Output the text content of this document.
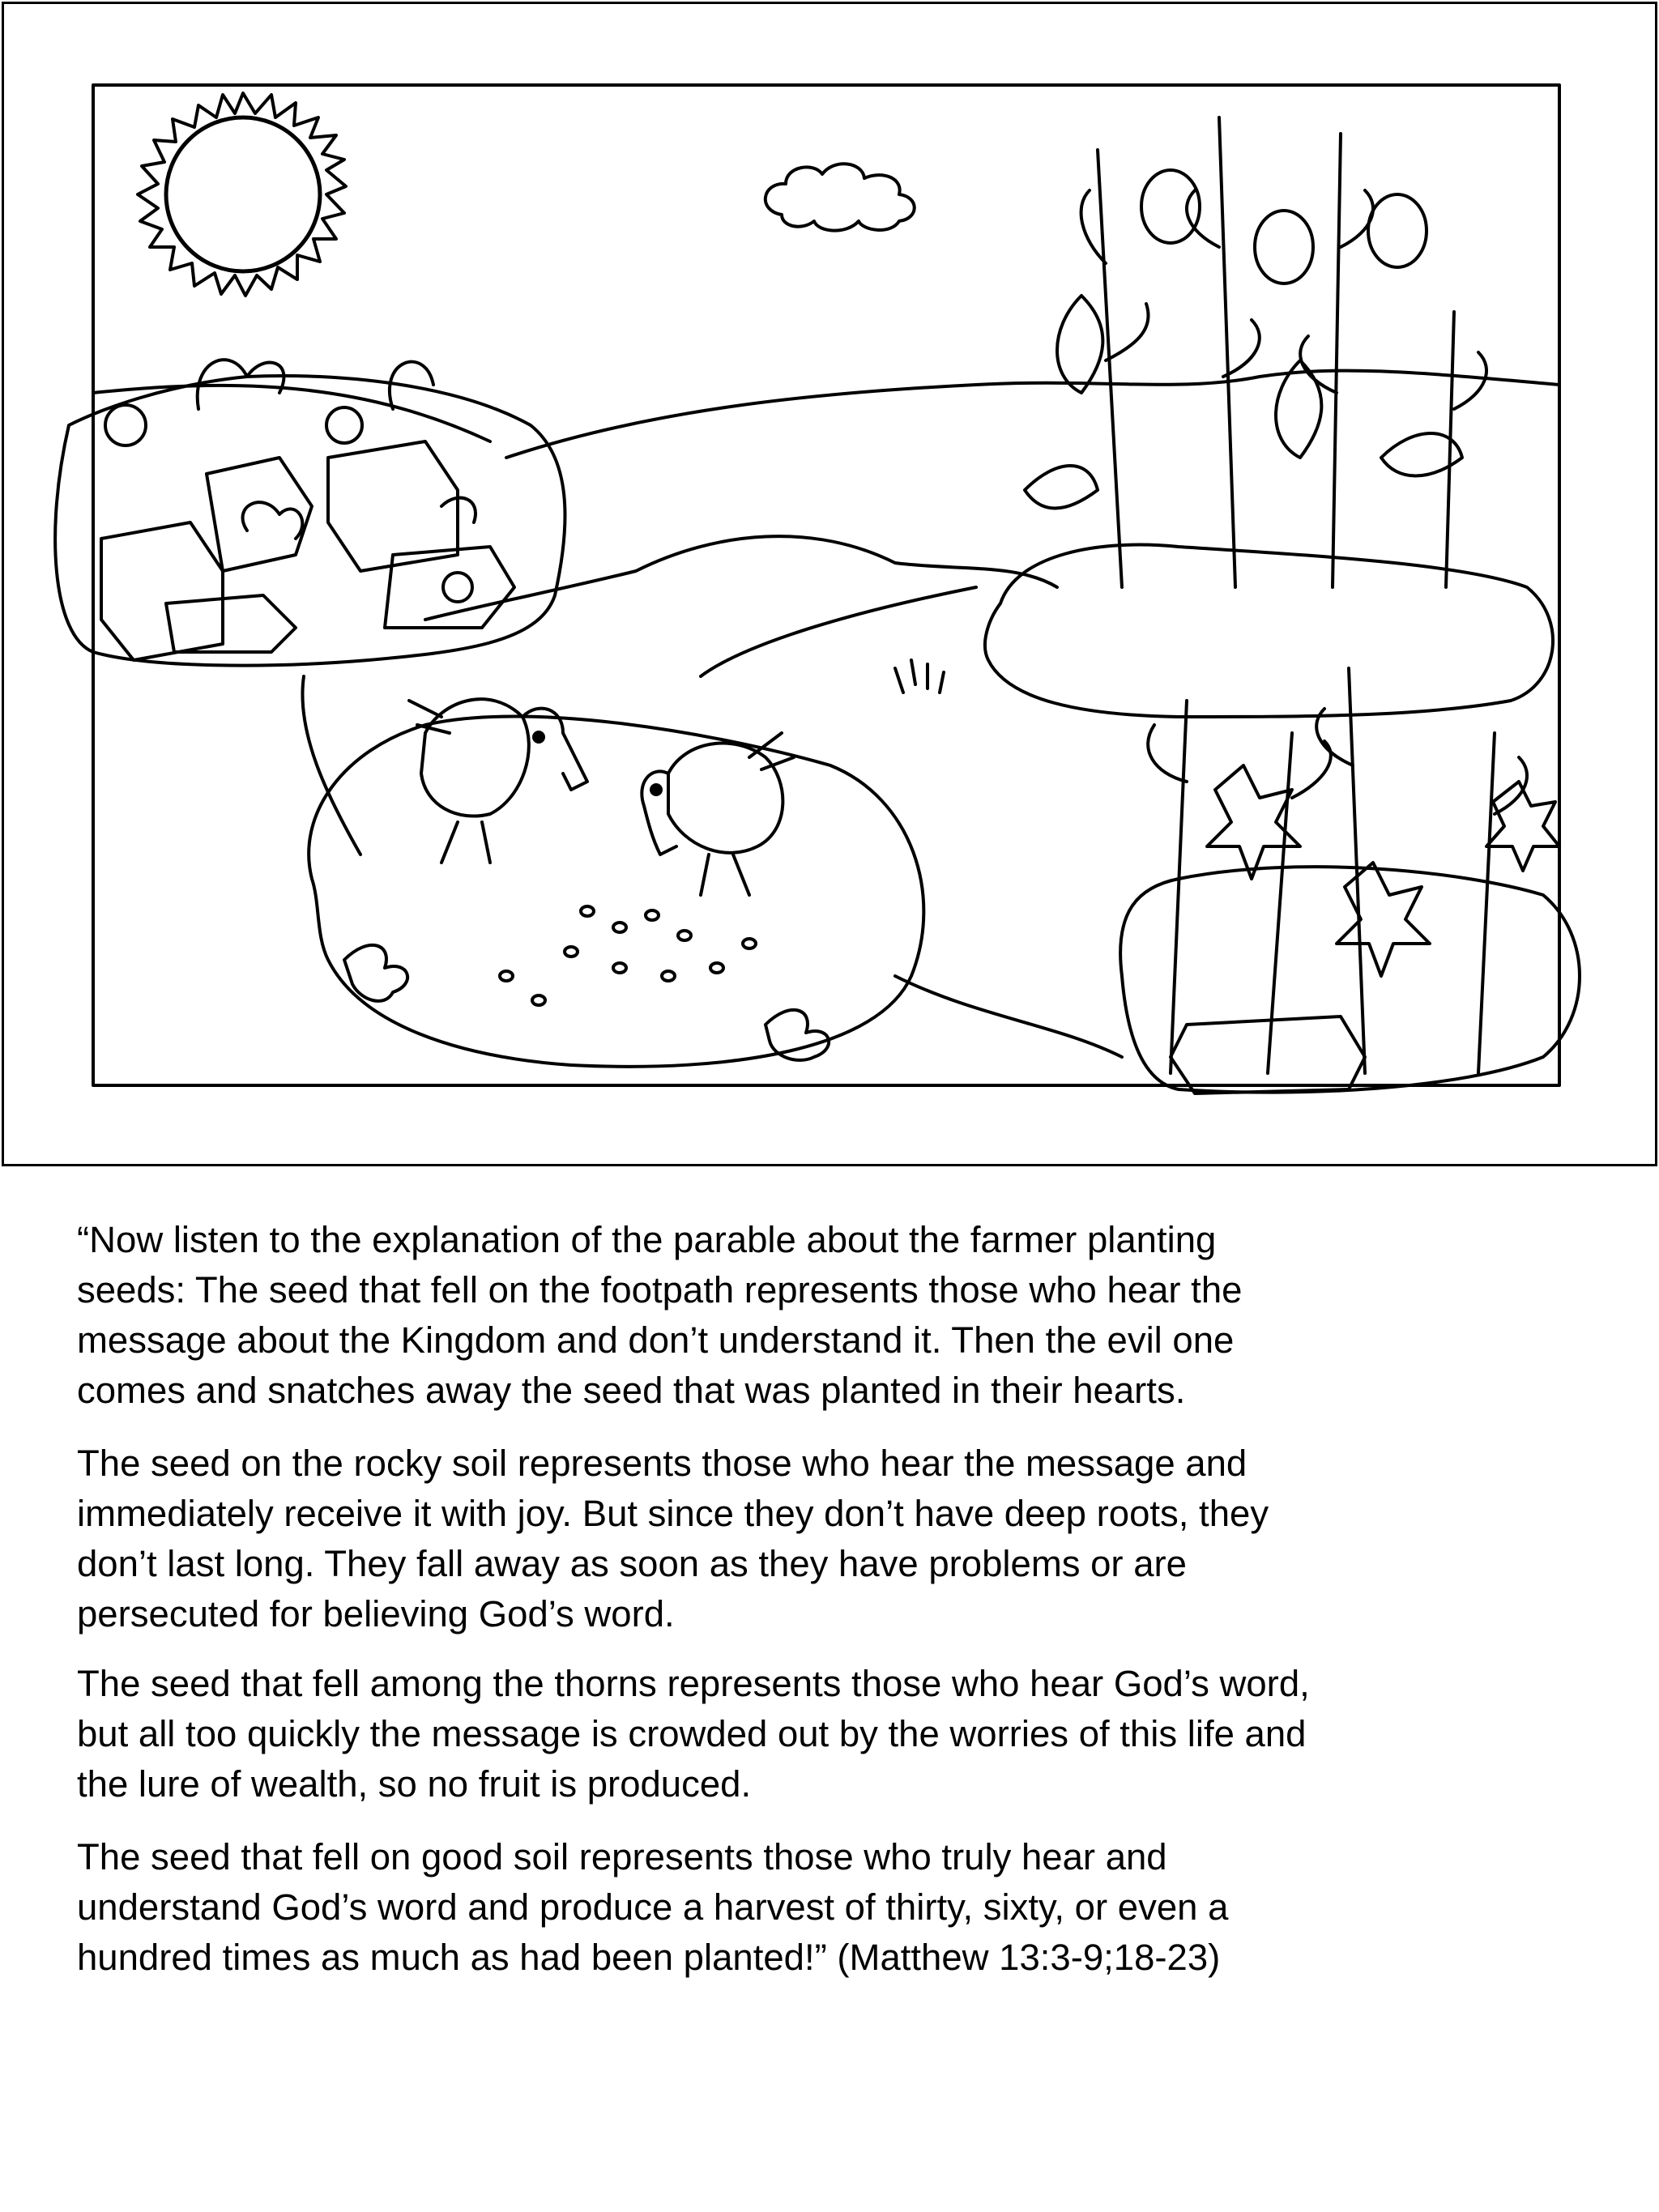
“Now listen to the explanation of the parable about the farmer planting
seeds: The seed that fell on the footpath represents those who hear the
message about the Kingdom and don’t understand it. Then the evil one
comes and snatches away the seed that was planted in their hearts.

The seed on the rocky soil represents those who hear the message and
immediately receive it with joy. But since they don’t have deep roots, they
don’t last long. They fall away as soon as they have problems or are
persecuted for believing God’s word.

The seed that fell among the thorns represents those who hear God’s word,
but all too quickly the message is crowded out by the worries of this life and
the lure of wealth, so no fruit is produced.

The seed that fell on good soil represents those who truly hear and
understand God’s word and produce a harvest of thirty, sixty, or even a
hundred times as much as had been planted!” (Matthew 13:3-9;18-23)
